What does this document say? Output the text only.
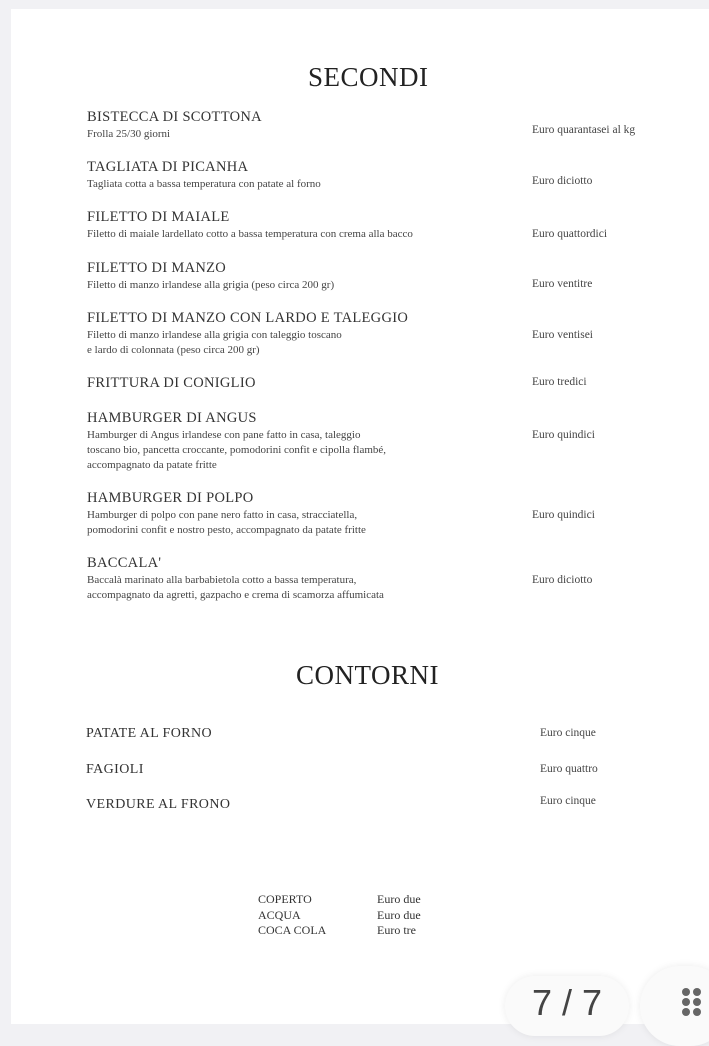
SECONDI
BISTECCA DI SCOTTONA
Frolla 25/30 giorni	Euro quarantasei al kg
TAGLIATA DI PICANHA
Tagliata cotta a bassa temperatura con patate al forno	Euro diciotto
FILETTO DI MAIALE
Filetto di maiale lardellato cotto a bassa temperatura con crema alla bacco	Euro quattordici
FILETTO DI MANZO
Filetto di manzo irlandese alla grigia (peso circa 200 gr)	Euro ventitre
FILETTO DI MANZO CON LARDO E TALEGGIO
Filetto di manzo irlandese alla grigia con taleggio toscano
e lardo di colonnata (peso circa 200 gr)
Euro ventisei
FRITTURA DI CONIGLIO	Euro tredici
HAMBURGER DI ANGUS
Hamburger di Angus irlandese con pane fatto in casa, taleggio
toscano bio, pancetta croccante, pomodorini confit e cipolla flambé,
accompagnato da patate fritte
Euro quindici
HAMBURGER DI POLPO
Hamburger di polpo con pane nero fatto in casa, stracciatella,
pomodorini confit e nostro pesto, accompagnato da patate fritte
Euro quindici
BACCALA'
Baccalà marinato alla barbabietola cotto a bassa temperatura,
accompagnato da agretti, gazpacho e crema di scamorza affumicata
Euro diciotto
CONTORNI
PATATE AL FORNO	Euro cinque
FAGIOLI	Euro quattro
VERDURE AL FRONO	Euro cinque
COPERTO	Euro due
ACQUA	Euro due
COCA COLA	Euro tre
7 / 7
